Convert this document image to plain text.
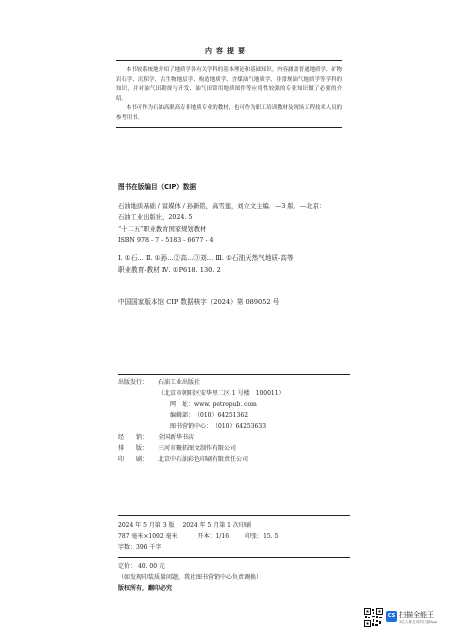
内容提要

本书较系统地介绍了地质学各有关学科的基本理论和基础知识。内容涵盖普通地质学、矿物岩石学、沉积学、古生物地层学、构造地质学、含煤油气地质学、非常规油气地质学等学科的知识，并对油气田勘探与开发、油气田常用地质图件等应用性较强的专业知识做了必要的介绍。

本书可作为石油高职高专非地质专业的教材，也可作为职工培训教材及现场工程技术人员的参考用书。

图书在版编目（CIP）数据
石油地质基础 / 富媒体 / 孙新铭，高雪莲，刘立文主编．—3 版．—北京：
石油工业出版社，2024. 5
“十二五”职业教育国家规划教材
ISBN 978 - 7 - 5183 - 6677 - 4
Ⅰ. ①石… Ⅱ. ①孙…②高…③刘… Ⅲ. ①石油天然气地质-高等
职业教育-教材 Ⅳ. ①P618. 130. 2
中国国家版本馆 CIP 数据核字（2024）第 089052 号
出版发行：	石油工业出版社
（北京市朝阳区安华里二区 1 号楼　100011）
网　址： www. petropub. com
编辑部： （010）64251362
图书营销中心： （010）64253633
经　　销：	全国新华书店
排　　版：	三河市聚拓图文制作有限公司
印　　刷：	北京中石油彩色印刷有限责任公司
2024 年 5 月第 3 版 2024 年 5 月第 1 次印刷
787 毫米×1092 毫米	开本： 1/16	印张： 15. 5
字数： 396 千字
定价： 40. 00 元
（如发现印装质量问题，我社图书营销中心负责调换）
版权所有，翻印必究
CS 扫描全能王
3亿人都在用的扫描App
